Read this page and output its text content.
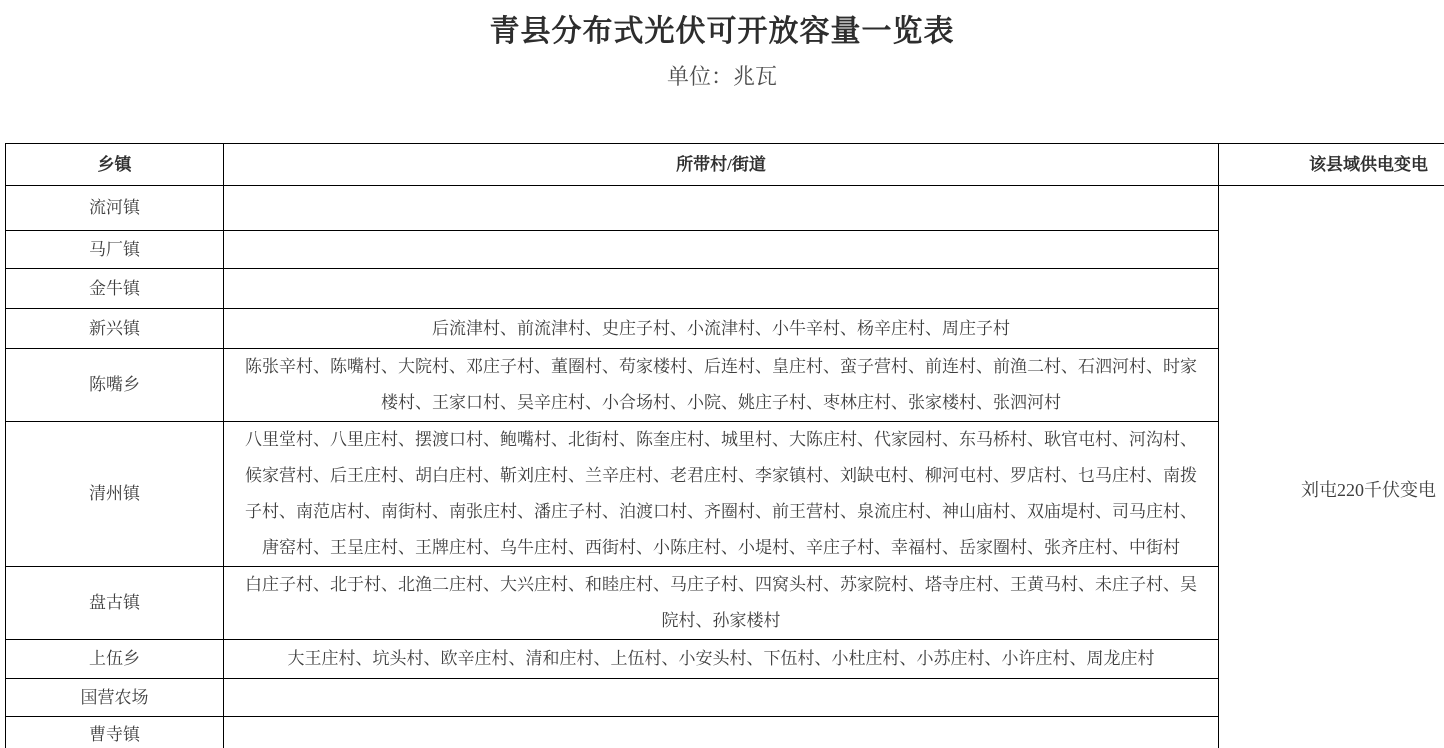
青县分布式光伏可开放容量一览表
单位：兆瓦
乡镇	所带村/街道	该县域供电变电
流河镇		刘屯220千伏变电
马厂镇		
金牛镇		
新兴镇	后流津村、前流津村、史庄子村、小流津村、小牛辛村、杨辛庄村、周庄子村	
陈嘴乡	陈张辛村、陈嘴村、大院村、邓庄子村、董圈村、苟家楼村、后连村、皇庄村、蛮子营村、前连村、前渔二村、石泗河村、时家楼村、王家口村、吴辛庄村、小合场村、小院、姚庄子村、枣林庄村、张家楼村、张泗河村	
清州镇	八里堂村、八里庄村、摆渡口村、鲍嘴村、北街村、陈奎庄村、城里村、大陈庄村、代家园村、东马桥村、耿官屯村、河沟村、候家营村、后王庄村、胡白庄村、靳刘庄村、兰辛庄村、老君庄村、李家镇村、刘缺屯村、柳河屯村、罗店村、乜马庄村、南拨子村、南范店村、南街村、南张庄村、潘庄子村、泊渡口村、齐圈村、前王营村、泉流庄村、神山庙村、双庙堤村、司马庄村、唐窑村、王呈庄村、王牌庄村、乌牛庄村、西街村、小陈庄村、小堤村、辛庄子村、幸福村、岳家圈村、张齐庄村、中街村	
盘古镇	白庄子村、北于村、北渔二庄村、大兴庄村、和睦庄村、马庄子村、四窝头村、苏家院村、塔寺庄村、王黄马村、未庄子村、吴院村、孙家楼村	
上伍乡	大王庄村、坑头村、欧辛庄村、清和庄村、上伍村、小安头村、下伍村、小杜庄村、小苏庄村、小许庄村、周龙庄村	
国营农场		
曹寺镇		
